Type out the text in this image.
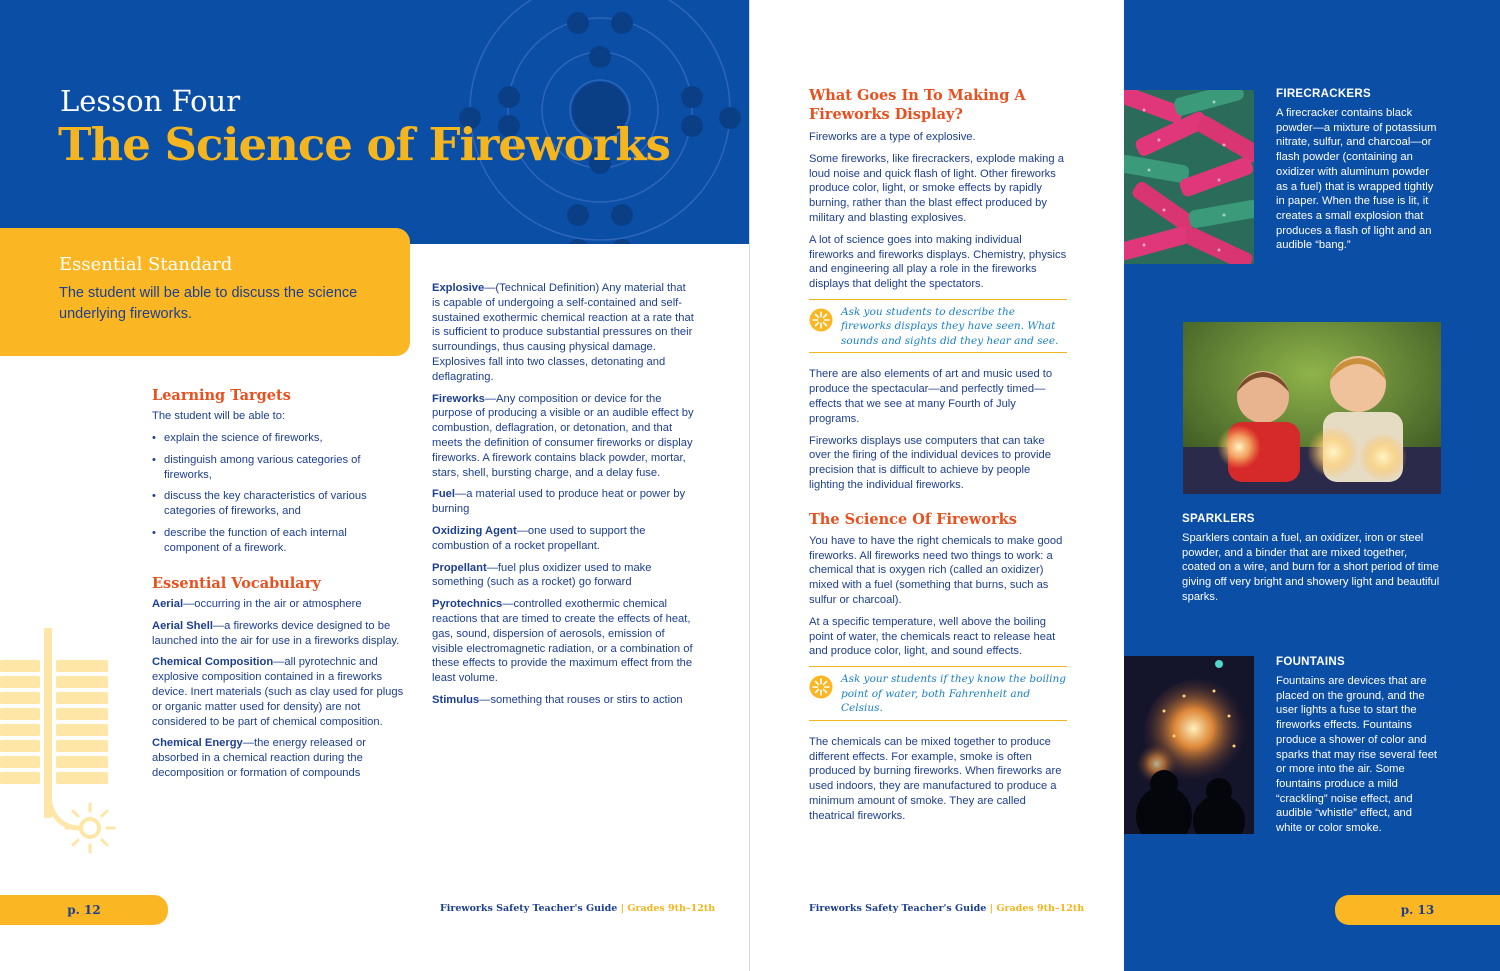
Lesson Four
The Science of Fireworks
Essential Standard
The student will be able to discuss the science underlying fireworks.
Learning Targets
The student will be able to:
• explain the science of fireworks,
• distinguish among various categories of fireworks,
• discuss the key characteristics of various categories of fireworks, and
• describe the function of each internal component of a firework.
Essential Vocabulary

Aerial—occurring in the air or atmosphere

Aerial Shell—a fireworks device designed to be launched into the air for use in a fireworks display.

Chemical Composition—all pyrotechnic and explosive composition contained in a fireworks device. Inert materials (such as clay used for plugs or organic matter used for density) are not considered to be part of chemical composition.

Chemical Energy—the energy released or absorbed in a chemical reaction during the decomposition or formation of compounds

Explosive—(Technical Definition) Any material that is capable of undergoing a self-contained and self-sustained exothermic chemical reaction at a rate that is sufficient to produce substantial pressures on their surroundings, thus causing physical damage. Explosives fall into two classes, detonating and deflagrating.

Fireworks—Any composition or device for the purpose of producing a visible or an audible effect by combustion, deflagration, or detonation, and that meets the definition of consumer fireworks or display fireworks. A firework contains black powder, mortar, stars, shell, bursting charge, and a delay fuse.

Fuel—a material used to produce heat or power by burning

Oxidizing Agent—one used to support the combustion of a rocket propellant.

Propellant—fuel plus oxidizer used to make something (such as a rocket) go forward

Pyrotechnics—controlled exothermic chemical reactions that are timed to create the effects of heat, gas, sound, dispersion of aerosols, emission of visible electromagnetic radiation, or a combination of these effects to provide the maximum effect from the least volume.

Stimulus—something that rouses or stirs to action

p. 12	Fireworks Safety Teacher's Guide | Grades 9th–12th
What Goes In To Making A Fireworks Display?

Fireworks are a type of explosive.

Some fireworks, like firecrackers, explode making a loud noise and quick flash of light. Other fireworks produce color, light, or smoke effects by rapidly burning, rather than the blast effect produced by military and blasting explosives.

A lot of science goes into making individual fireworks and fireworks displays. Chemistry, physics and engineering all play a role in the fireworks displays that delight the spectators.

Ask you students to describe the fireworks displays they have seen. What sounds and sights did they hear and see.

There are also elements of art and music used to produce the spectacular—and perfectly timed—effects that we see at many Fourth of July programs.

Fireworks displays use computers that can take over the firing of the individual devices to provide precision that is difficult to achieve by people lighting the individual fireworks.

The Science Of Fireworks

You have to have the right chemicals to make good fireworks. All fireworks need two things to work: a chemical that is oxygen rich (called an oxidizer) mixed with a fuel (something that burns, such as sulfur or charcoal).

At a specific temperature, well above the boiling point of water, the chemicals react to release heat and produce color, light, and sound effects.

Ask your students if they know the boiling point of water, both Fahrenheit and Celsius.

The chemicals can be mixed together to produce different effects. For example, smoke is often produced by burning fireworks. When fireworks are used indoors, they are manufactured to produce a minimum amount of smoke. They are called theatrical fireworks.

Fireworks Safety Teacher's Guide | Grades 9th–12th
FIRECRACKERS
A firecracker contains black powder—a mixture of potassium nitrate, sulfur, and charcoal—or flash powder (containing an oxidizer with aluminum powder as a fuel) that is wrapped tightly in paper. When the fuse is lit, it creates a small explosion that produces a flash of light and an audible “bang.”
SPARKLERS
Sparklers contain a fuel, an oxidizer, iron or steel powder, and a binder that are mixed together, coated on a wire, and burn for a short period of time giving off very bright and showery light and beautiful sparks.
FOUNTAINS
Fountains are devices that are placed on the ground, and the user lights a fuse to start the fireworks effects. Fountains produce a shower of color and sparks that may rise several feet or more into the air. Some fountains produce a mild “crackling” noise effect, and audible “whistle” effect, and white or color smoke.
p. 13
